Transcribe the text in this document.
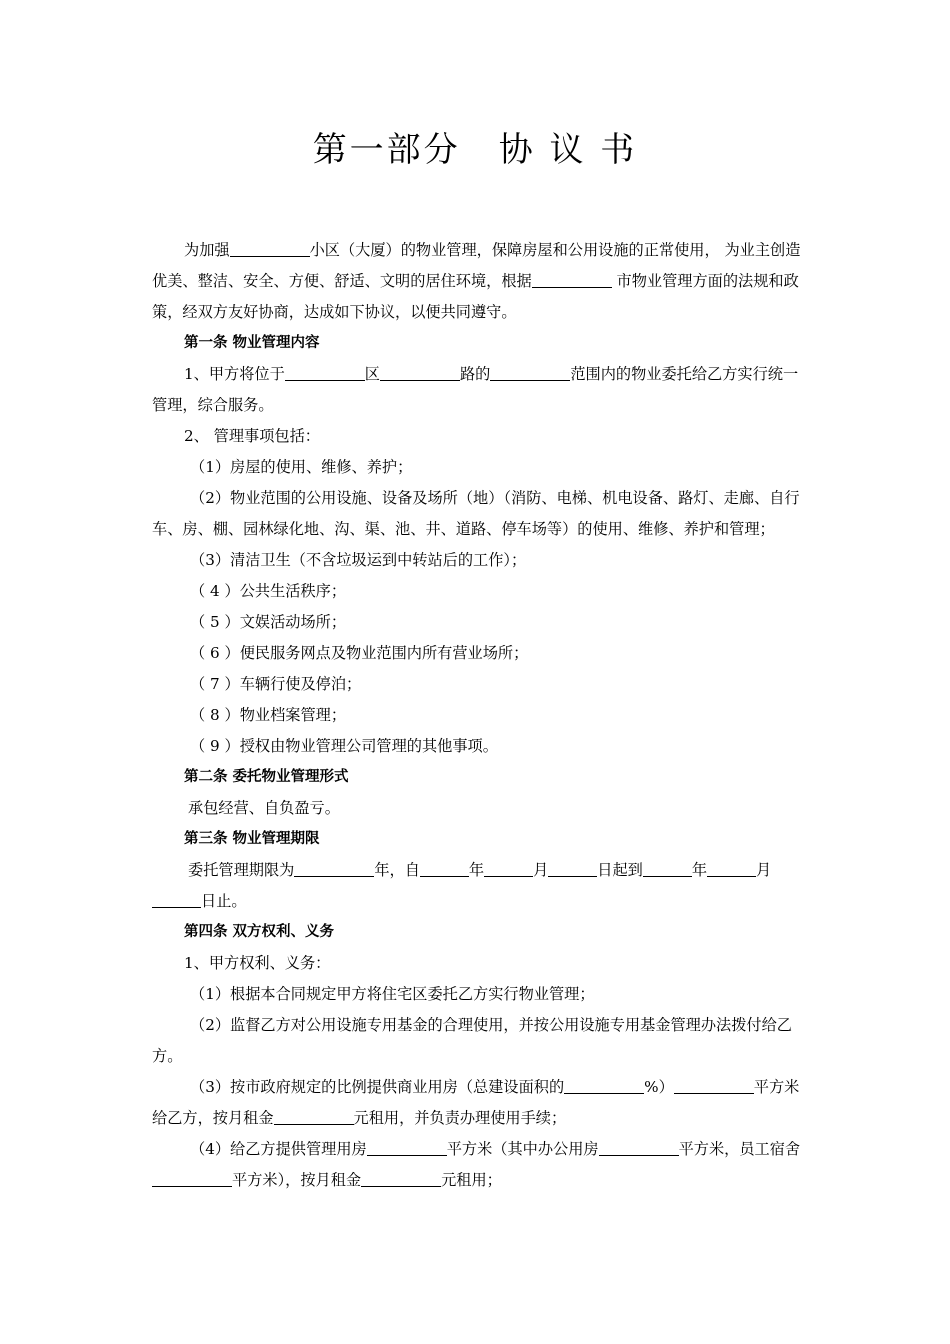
第一部分 协 议 书

为加强	小区（大厦）的物业管理，保障房屋和公用设施的正常使用， 为业主创造优美、整洁、安全、方便、舒适、文明的居住环境，根据	市物业管理方面的法规和政策，经双方友好协商，达成如下协议，以便共同遵守。

第一条 物业管理内容

1、甲方将位于	区	路的	范围内的物业委托给乙方实行统一管理，综合服务。

2、 管理事项包括：

（1）房屋的使用、维修、养护；

（2）物业范围的公用设施、设备及场所（地）（消防、电梯、机电设备、路灯、走廊、自行车、房、棚、园林绿化地、沟、渠、池、井、道路、停车场等）的使用、维修、养护和管理；

（3）清洁卫生（不含垃圾运到中转站后的工作）；

（ 4 ）公共生活秩序；

（ 5 ）文娱活动场所；

（ 6 ）便民服务网点及物业范围内所有营业场所；

（ 7 ）车辆行使及停泊；

（ 8 ）物业档案管理；

（ 9 ）授权由物业管理公司管理的其他事项。

第二条 委托物业管理形式

承包经营、自负盈亏。

第三条 物业管理期限

委托管理期限为	年，自	年	月	日起到	年	月日止。

第四条 双方权利、义务

1、甲方权利、义务：

（1）根据本合同规定甲方将住宅区委托乙方实行物业管理；

（2）监督乙方对公用设施专用基金的合理使用，并按公用设施专用基金管理办法拨付给乙方。

（3）按市政府规定的比例提供商业用房（总建设面积的	%）	平方米给乙方，按月租金	元租用，并负责办理使用手续；

（4）给乙方提供管理用房	平方米（其中办公用房	平方米，员工宿舍平方米），按月租金	元租用；
